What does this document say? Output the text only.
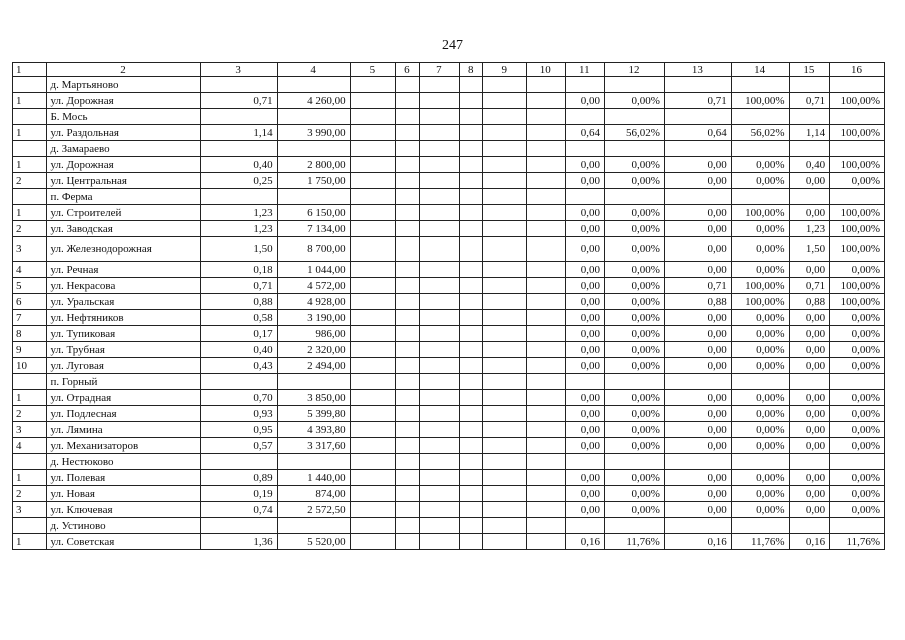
247
1	2	3	4	5	6	7	8	9	10	11	12	13	14	15	16
	д. Мартьяново														
1	ул. Дорожная	0,71	4 260,00							0,00	0,00%	0,71	100,00%	0,71	100,00%
	Б. Мось														
1	ул. Раздольная	1,14	3 990,00							0,64	56,02%	0,64	56,02%	1,14	100,00%
	д. Замараево														
1	ул. Дорожная	0,40	2 800,00							0,00	0,00%	0,00	0,00%	0,40	100,00%
2	ул. Центральная	0,25	1 750,00							0,00	0,00%	0,00	0,00%	0,00	0,00%
	п. Ферма														
1	ул. Строителей	1,23	6 150,00							0,00	0,00%	0,00	100,00%	0,00	100,00%
2	ул. Заводская	1,23	7 134,00							0,00	0,00%	0,00	0,00%	1,23	100,00%
3	ул. Железнодорожная	1,50	8 700,00							0,00	0,00%	0,00	0,00%	1,50	100,00%
4	ул. Речная	0,18	1 044,00							0,00	0,00%	0,00	0,00%	0,00	0,00%
5	ул. Некрасова	0,71	4 572,00							0,00	0,00%	0,71	100,00%	0,71	100,00%
6	ул. Уральская	0,88	4 928,00							0,00	0,00%	0,88	100,00%	0,88	100,00%
7	ул. Нефтяников	0,58	3 190,00							0,00	0,00%	0,00	0,00%	0,00	0,00%
8	ул. Тупиковая	0,17	986,00							0,00	0,00%	0,00	0,00%	0,00	0,00%
9	ул. Трубная	0,40	2 320,00							0,00	0,00%	0,00	0,00%	0,00	0,00%
10	ул. Луговая	0,43	2 494,00							0,00	0,00%	0,00	0,00%	0,00	0,00%
	п. Горный														
1	ул. Отрадная	0,70	3 850,00							0,00	0,00%	0,00	0,00%	0,00	0,00%
2	ул. Подлесная	0,93	5 399,80							0,00	0,00%	0,00	0,00%	0,00	0,00%
3	ул. Лямина	0,95	4 393,80							0,00	0,00%	0,00	0,00%	0,00	0,00%
4	ул. Механизаторов	0,57	3 317,60							0,00	0,00%	0,00	0,00%	0,00	0,00%
	д. Нестюково														
1	ул. Полевая	0,89	1 440,00							0,00	0,00%	0,00	0,00%	0,00	0,00%
2	ул. Новая	0,19	874,00							0,00	0,00%	0,00	0,00%	0,00	0,00%
3	ул. Ключевая	0,74	2 572,50							0,00	0,00%	0,00	0,00%	0,00	0,00%
	д. Устиново														
1	ул. Советская	1,36	5 520,00							0,16	11,76%	0,16	11,76%	0,16	11,76%
